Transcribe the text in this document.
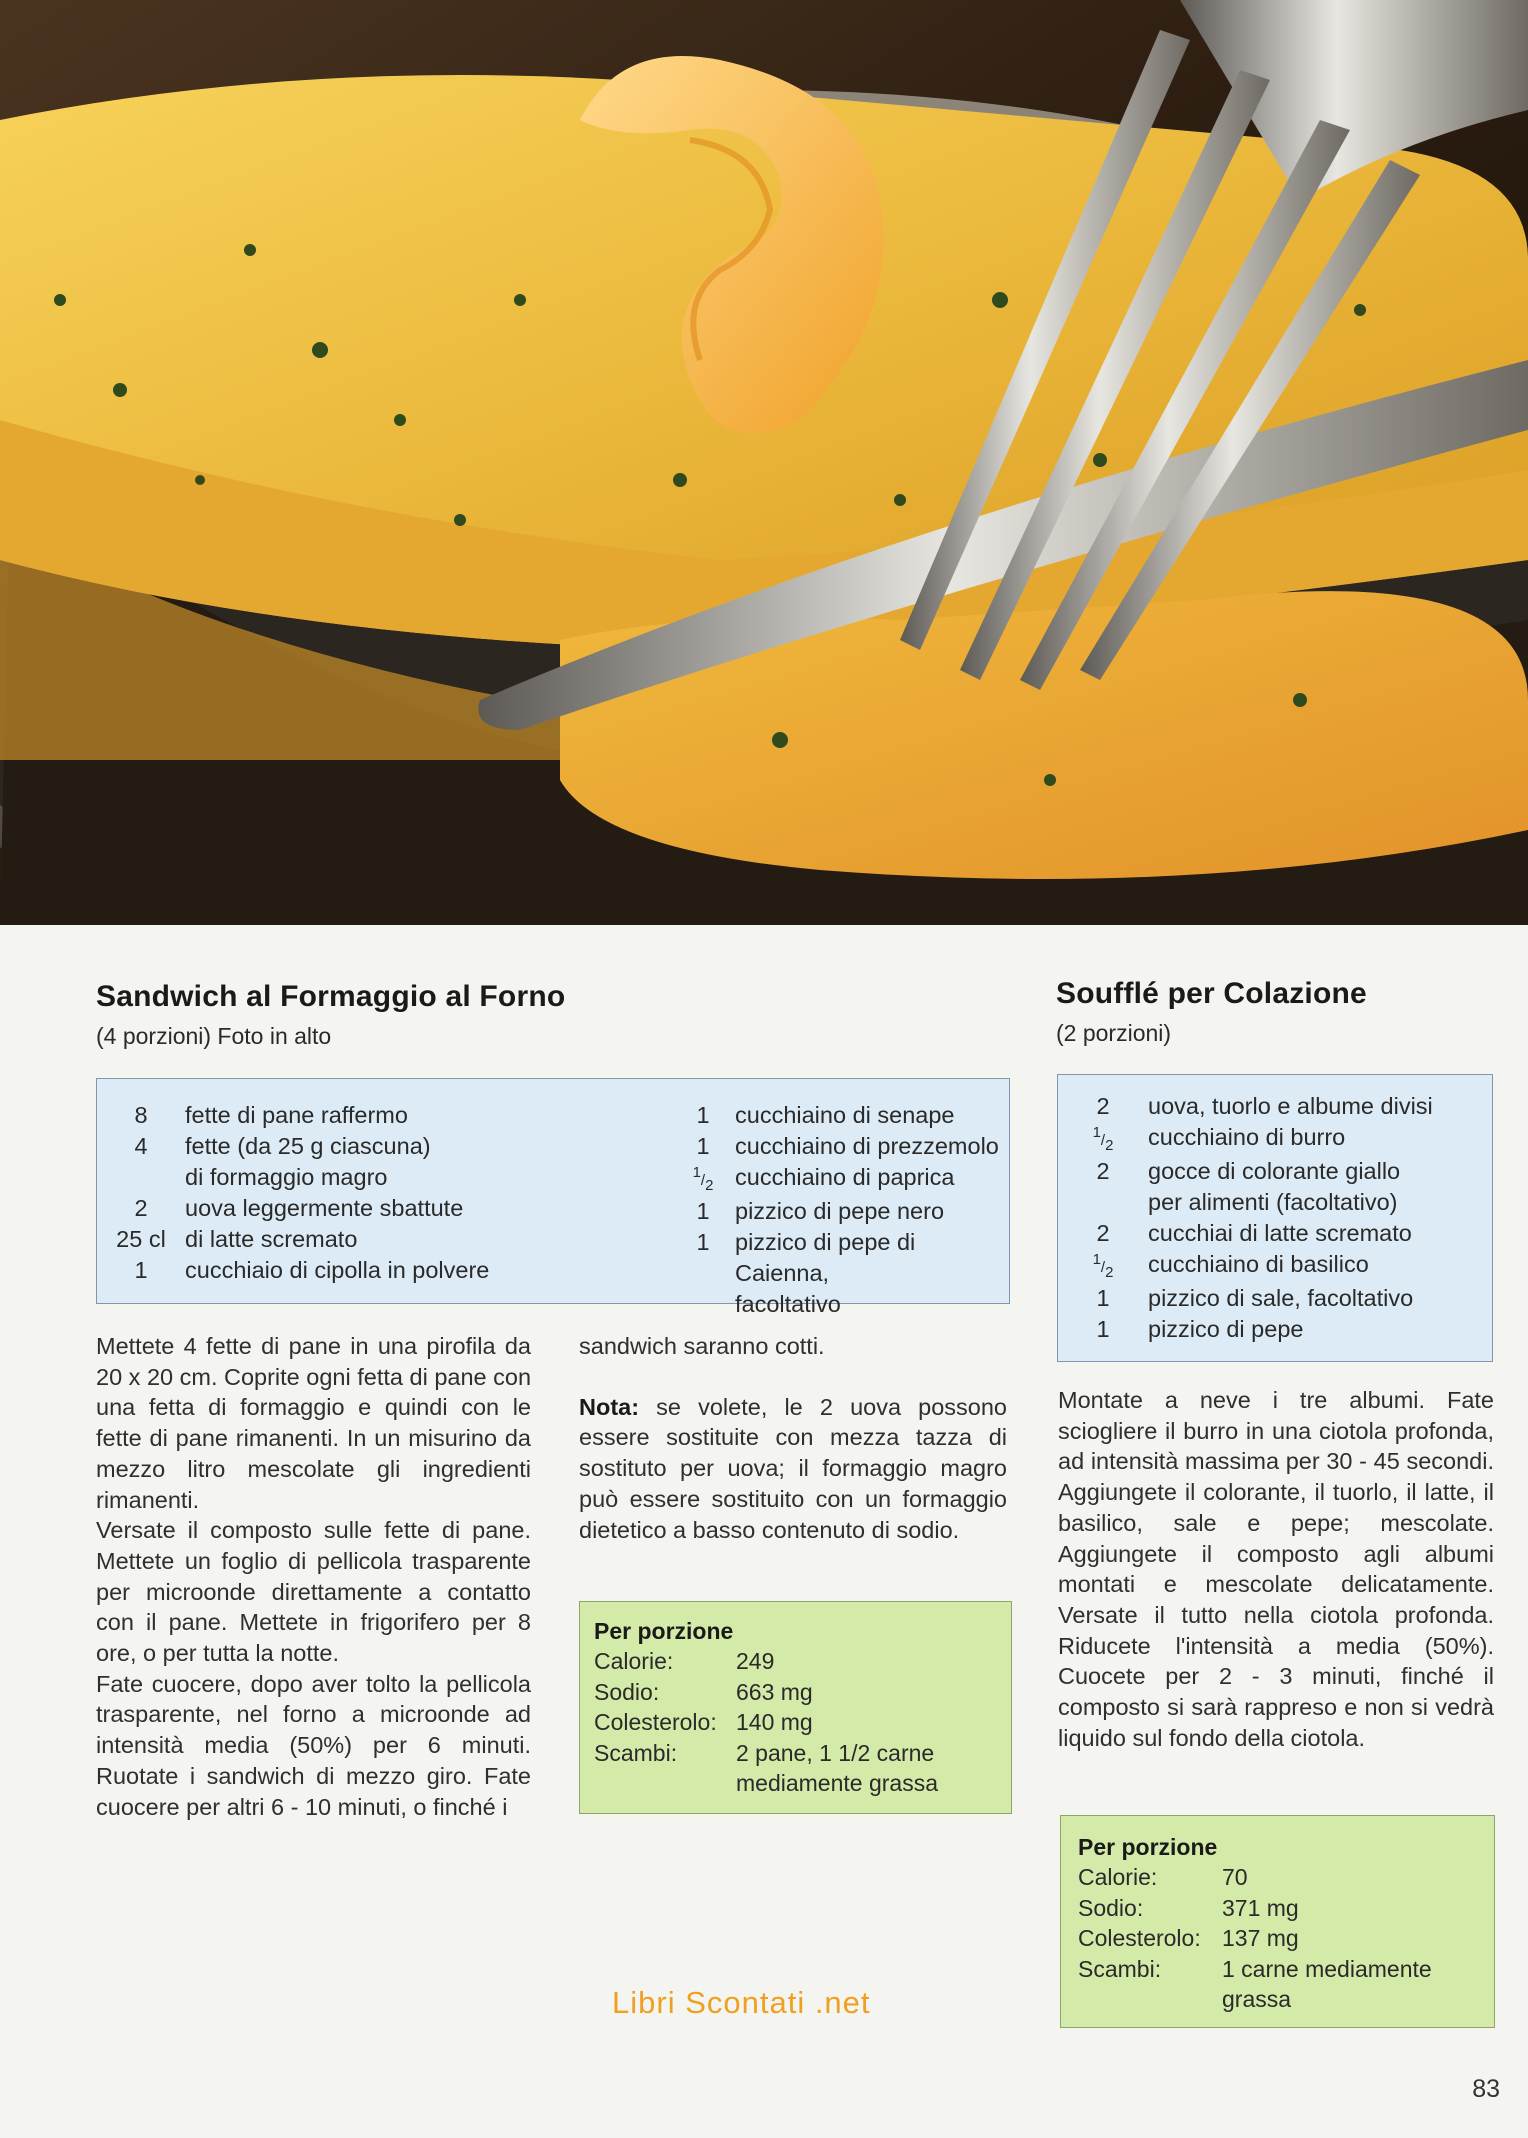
Sandwich al Formaggio al Forno
(4 porzioni) Foto in alto
8	fette di pane raffermo
4	fette (da 25 g ciascuna)
di formaggio magro
2	uova leggermente sbattute
25 cl di latte scremato
1	cucchiaio di cipolla in polvere
1	cucchiaino di senape
1	cucchiaino di prezzemolo
1/2 cucchiaino di paprica
1	pizzico di pepe nero
1	pizzico di pepe di Caienna,
facoltativo

Mettete 4 fette di pane in una pirofila da 20 x 20 cm. Coprite ogni fetta di pane con una fetta di formaggio e quindi con le fette di pane rimanenti. In un misurino da mezzo litro mescolate gli ingredienti rimanenti.

Versate il composto sulle fette di pane. Mettete un foglio di pellicola trasparente per microonde direttamente a contatto con il pane. Mettete in frigorifero per 8 ore, o per tutta la notte.

Fate cuocere, dopo aver tolto la pellicola trasparente, nel forno a microonde ad intensità media (50%) per 6 minuti. Ruotate i sandwich di mezzo giro. Fate cuocere per altri 6 - 10 minuti, o finché i

sandwich saranno cotti.

Nota: se volete, le 2 uova possono essere sostituite con mezza tazza di sostituto per uova; il formaggio magro può essere sostituito con un formaggio dietetico a basso contenuto di sodio.

Per porzione
Calorie:	249
Sodio:	663 mg
Colesterolo: 140 mg
Scambi:	2 pane, 1 1/2 carne mediamente grassa
Soufflé per Colazione
(2 porzioni)
2	uova, tuorlo e albume divisi
1/2	cucchiaino di burro
2	gocce di colorante giallo
per alimenti (facoltativo)
2	cucchiai di latte scremato
1/2	cucchiaino di basilico
1	pizzico di sale, facoltativo
1	pizzico di pepe

Montate a neve i tre albumi. Fate sciogliere il burro in una ciotola profonda, ad intensità massima per 30 - 45 secondi. Aggiungete il colorante, il tuorlo, il latte, il basilico, sale e pepe; mescolate. Aggiungete il composto agli albumi montati e mescolate delicatamente. Versate il tutto nella ciotola profonda. Riducete l'intensità a media (50%). Cuocete per 2 - 3 minuti, finché il composto si sarà rappreso e non si vedrà liquido sul fondo della ciotola.

Per porzione
Calorie:	70
Sodio:	371 mg
Colesterolo: 137 mg
Scambi:	1 carne mediamente grassa
Libri Scontati .net
83
